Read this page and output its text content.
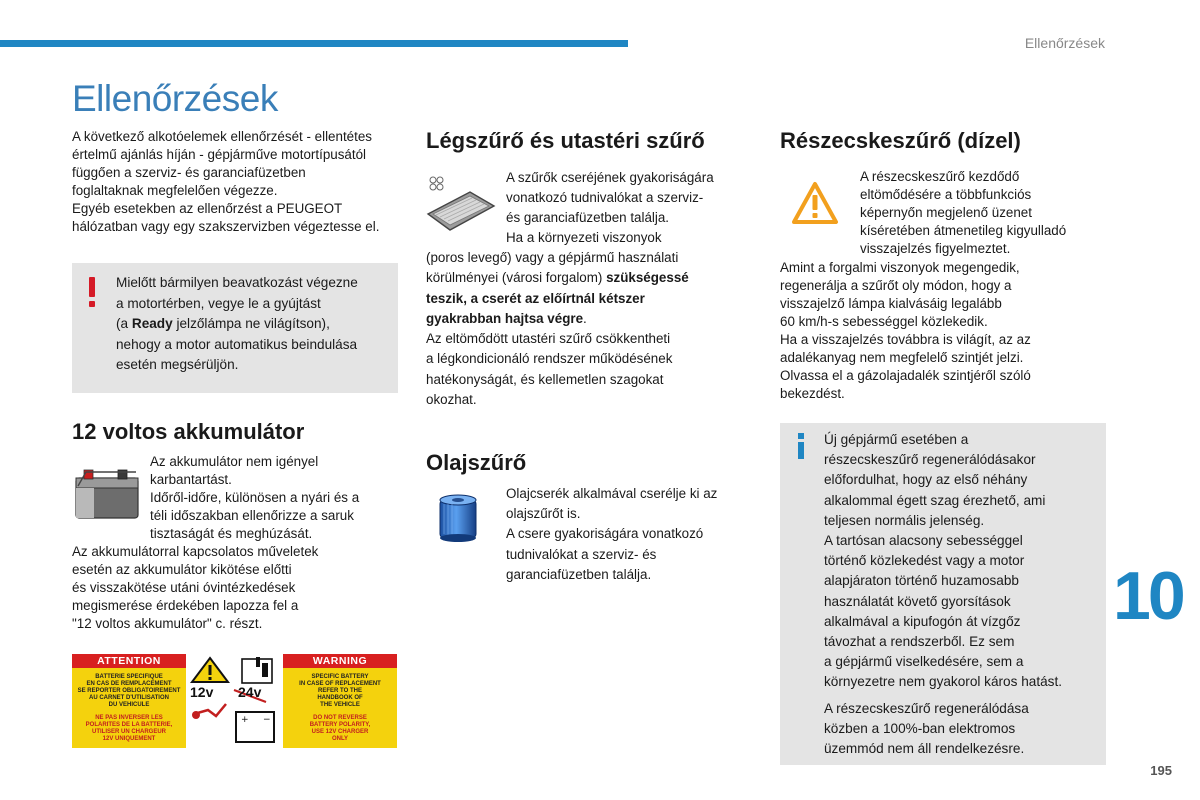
Ellenőrzések
Ellenőrzések

A következő alkotóelemek ellenőrzését - ellentétes

értelmű ajánlás híján - gépjárműve motortípusától

függően a szerviz- és garanciafüzetben

foglaltaknak megfelelően végezze.

Egyéb esetekben az ellenőrzést a PEUGEOT

hálózatban vagy egy szakszervizben végeztesse el.

Mielőtt bármilyen beavatkozást végezne

a motortérben, vegye le a gyújtást

(a Ready jelzőlámpa ne világítson),

nehogy a motor automatikus beindulása

esetén megsérüljön.

12 voltos akkumulátor

Az akkumulátor nem igényel

karbantartást.

Időről-időre, különösen a nyári és a

téli időszakban ellenőrizze a saruk

tisztaságát és meghúzását.

Az akkumulátorral kapcsolatos műveletek

esetén az akkumulátor kikötése előtti

és visszakötése utáni óvintézkedések

megismerése érdekében lapozza fel a

"12 voltos akkumulátor" c. részt.

ATTENTION
BATTERIE SPECIFIQUE
EN CAS DE REMPLACEMENT
SE REPORTER OBLIGATOIREMENT
AU CARNET D'UTILISATION
DU VEHICULE
NE PAS INVERSER LES
POLARITES DE LA BATTERIE,
UTILISER UN CHARGEUR
12V UNIQUEMENT
+ −
12v 24v
WARNING
SPECIFIC BATTERY
IN CASE OF REPLACEMENT
REFER TO THE
HANDBOOK OF
THE VEHICLE
DO NOT REVERSE
BATTERY POLARITY,
USE 12V CHARGER
ONLY
Légszűrő és utastéri szűrő

A szűrők cseréjének gyakoriságára

vonatkozó tudnivalókat a szerviz-

és garanciafüzetben találja.

Ha a környezeti viszonyok

(poros levegő) vagy a gépjármű használati

körülményei (városi forgalom) szükségessé

teszik, a cserét az előírtnál kétszer

gyakrabban hajtsa végre.

Az eltömődött utastéri szűrő csökkentheti

a légkondicionáló rendszer működésének

hatékonyságát, és kellemetlen szagokat

okozhat.

Olajszűrő

Olajcserék alkalmával cserélje ki az

olajszűrőt is.

A csere gyakoriságára vonatkozó

tudnivalókat a szerviz- és

garanciafüzetben találja.

Részecskeszűrő (dízel)

A részecskeszűrő kezdődő

eltömődésére a többfunkciós

képernyőn megjelenő üzenet

kíséretében átmenetileg kigyulladó

visszajelzés figyelmeztet.

Amint a forgalmi viszonyok megengedik,

regenerálja a szűrőt oly módon, hogy a

visszajelző lámpa kialvásáig legalább

60 km/h-s sebességgel közlekedik.

Ha a visszajelzés továbbra is világít, az az

adalékanyag nem megfelelő szintjét jelzi.

Olvassa el a gázolajadalék szintjéről szóló

bekezdést.

Új gépjármű esetében a
részecskeszűrő regenerálódásakor
előfordulhat, hogy az első néhány
alkalommal égett szag érezhető, ami
teljesen normális jelenség.
A tartósan alacsony sebességgel
történő közlekedést vagy a motor
alapjáraton történő huzamosabb
használatát követő gyorsítások
alkalmával a kipufogón át vízgőz
távozhat a rendszerből. Ez sem
a gépjármű viselkedésére, sem a
környezetre nem gyakorol káros hatást.

A részecskeszűrő regenerálódása
közben a 100%-ban elektromos
üzemmód nem áll rendelkezésre.

10
195
